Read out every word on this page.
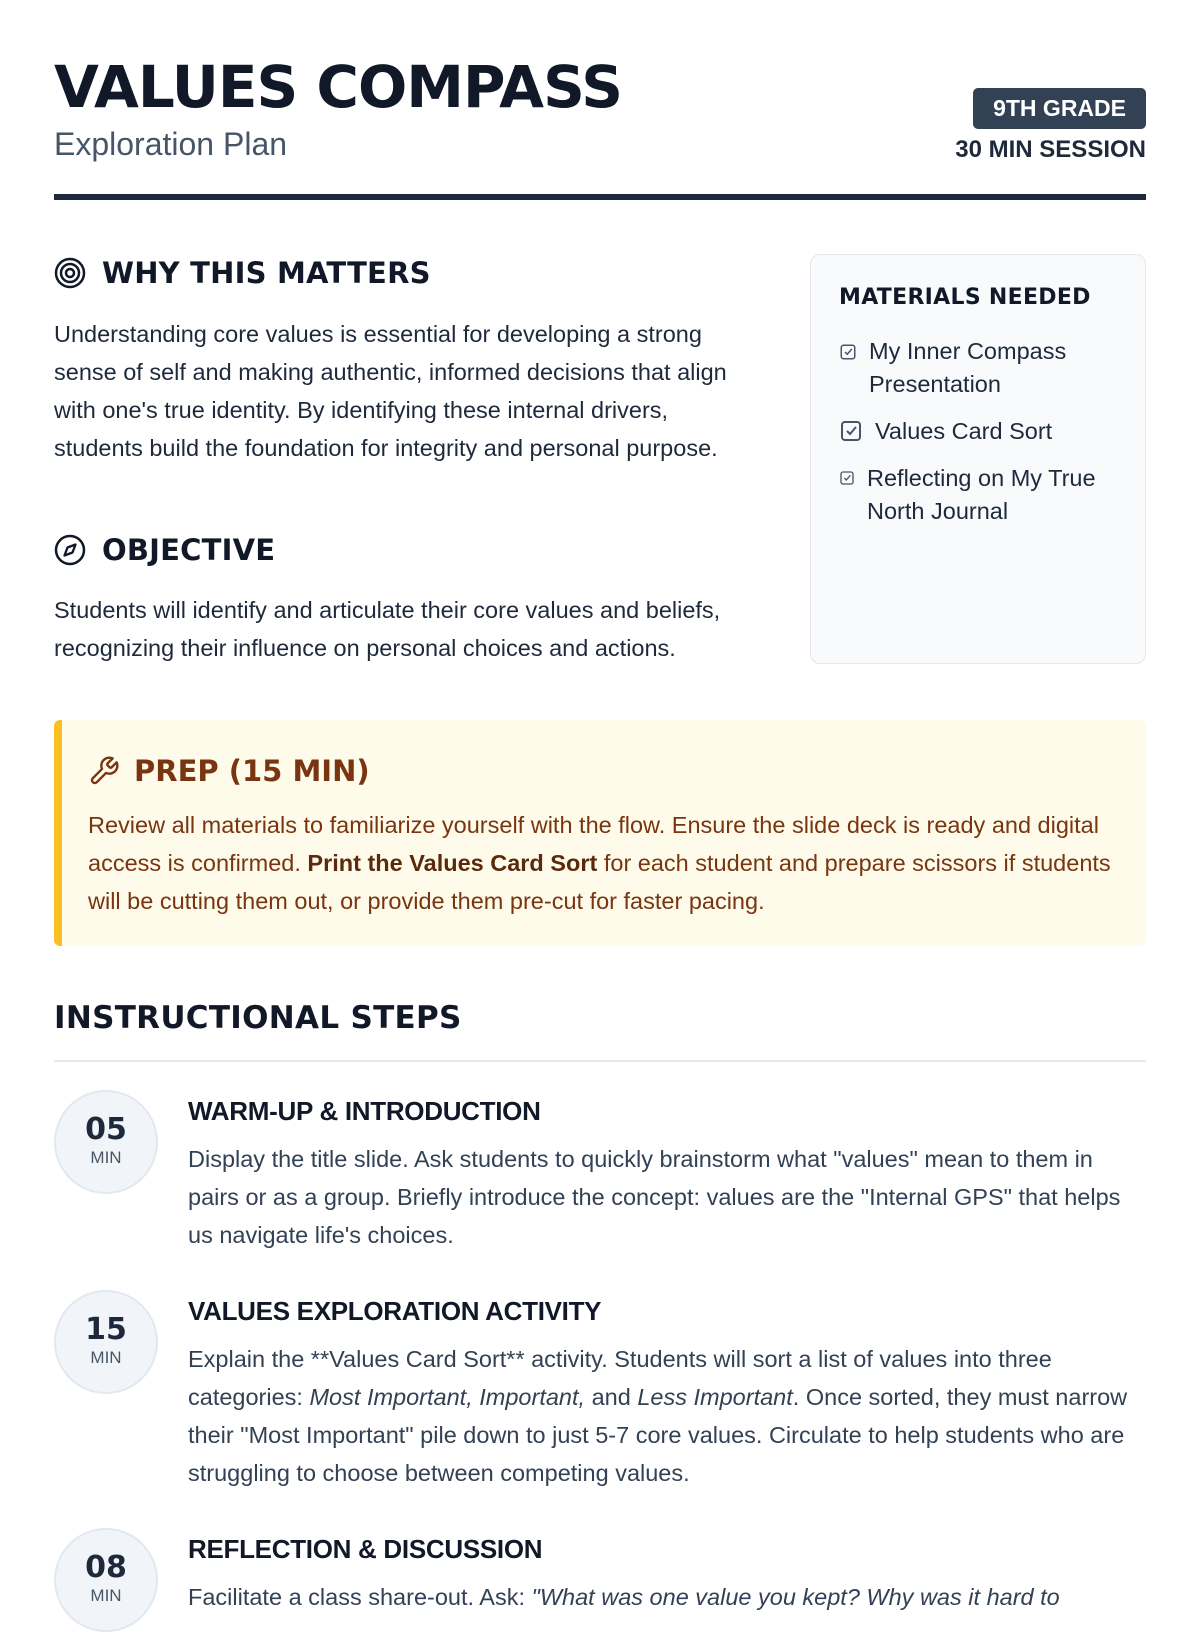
VALUES COMPASS
Exploration Plan
9TH GRADE
30 MIN SESSION
WHY THIS MATTERS

Understanding core values is essential for developing a strong sense of self and making authentic, informed decisions that align with one's true identity. By identifying these internal drivers, students build the foundation for integrity and personal purpose.

OBJECTIVE

Students will identify and articulate their core values and beliefs, recognizing their influence on personal choices and actions.

MATERIALS NEEDED
My Inner Compass Presentation
Values Card Sort
Reflecting on My True North Journal
PREP (15 MIN)

Review all materials to familiarize yourself with the flow. Ensure the slide deck is ready and digital access is confirmed. Print the Values Card Sort for each student and prepare scissors if students will be cutting them out, or provide them pre-cut for faster pacing.

INSTRUCTIONAL STEPS
05
MIN
WARM-UP & INTRODUCTION

Display the title slide. Ask students to quickly brainstorm what "values" mean to them in pairs or as a group. Briefly introduce the concept: values are the "Internal GPS" that helps us navigate life's choices.

15
MIN
VALUES EXPLORATION ACTIVITY

Explain the **Values Card Sort** activity. Students will sort a list of values into three categories: Most Important, Important, and Less Important. Once sorted, they must narrow their "Most Important" pile down to just 5-7 core values. Circulate to help students who are struggling to choose between competing values.

08
MIN
REFLECTION & DISCUSSION

Facilitate a class share-out. Ask: "What was one value you kept? Why was it hard to
